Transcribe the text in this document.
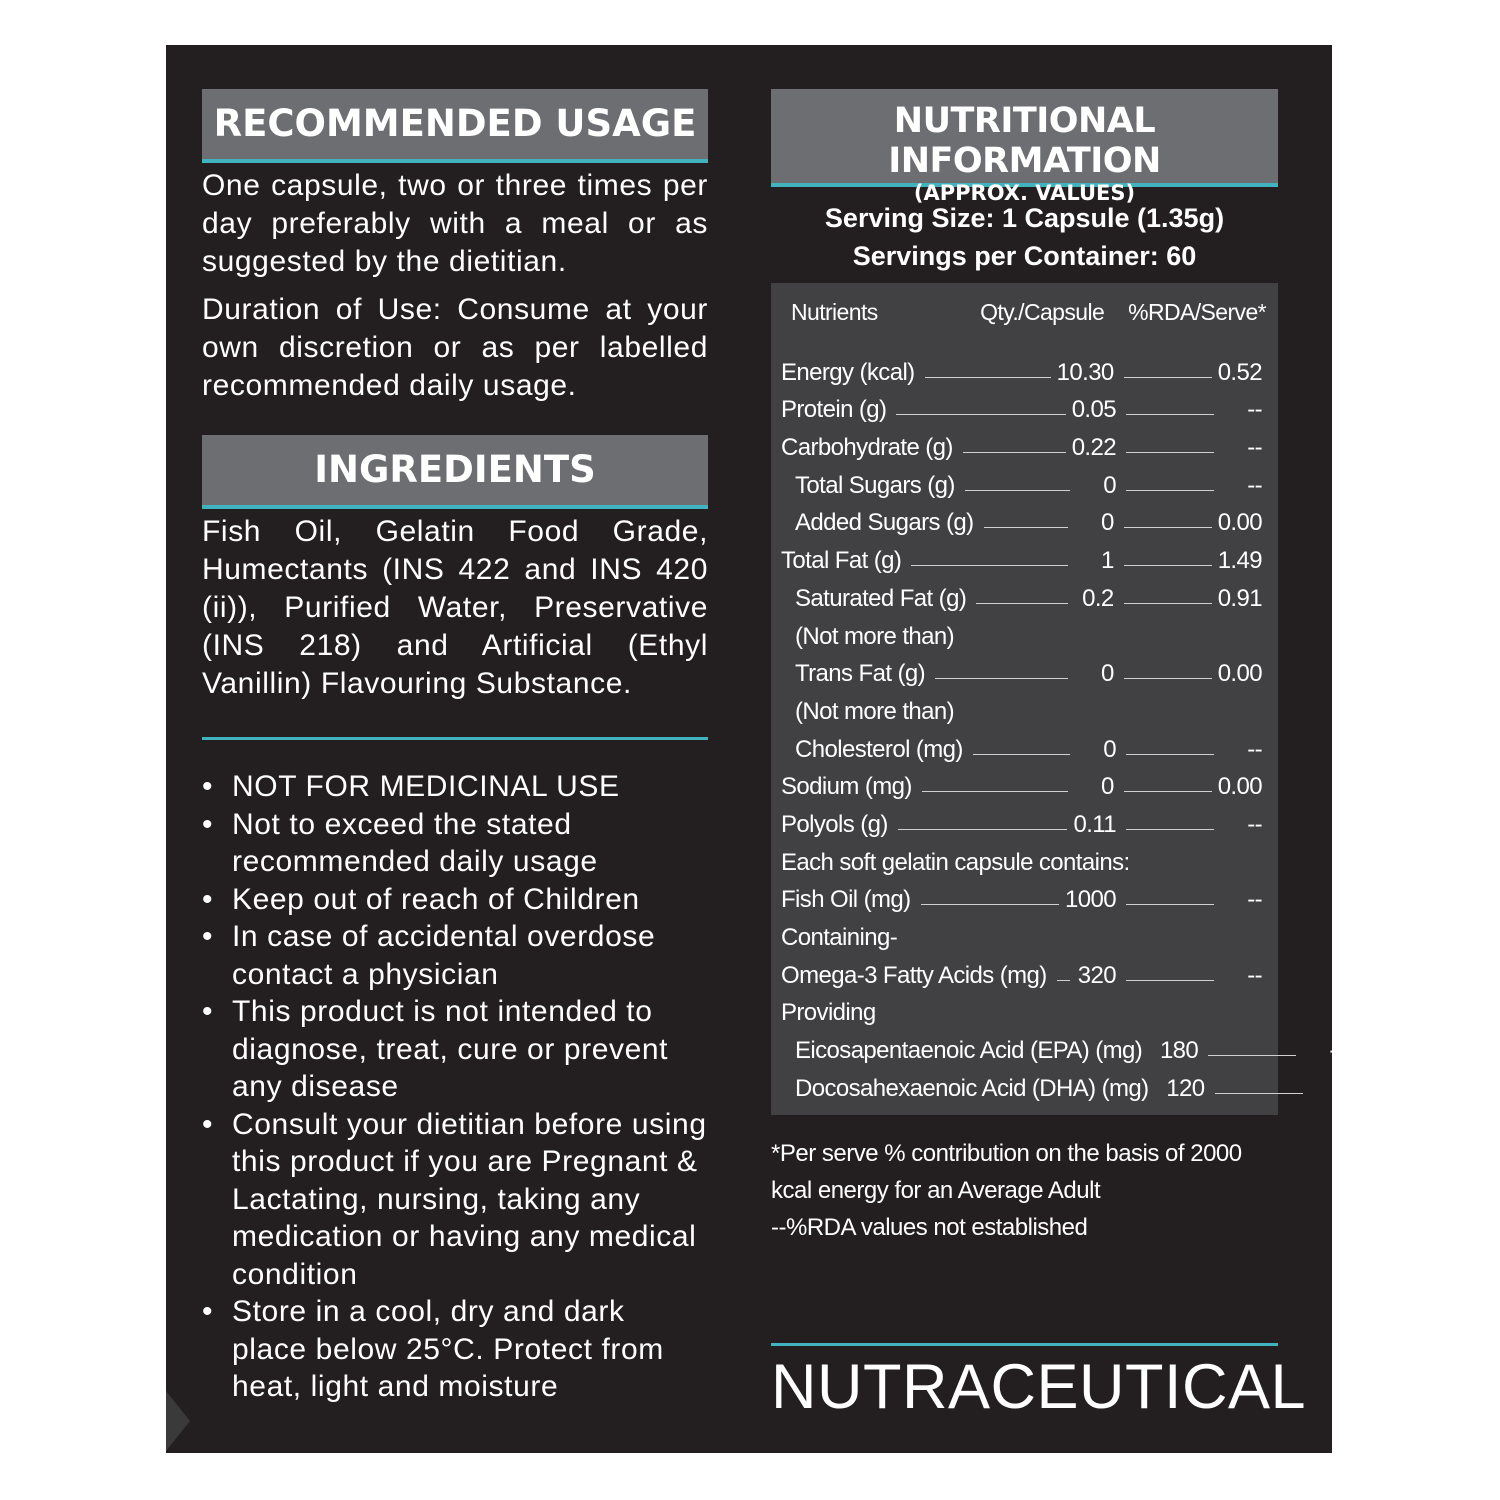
RECOMMENDED USAGE

One capsule, two or three times per day preferably with a meal or as suggested by the dietitian.

Duration of Use: Consume at your own discretion or as per labelled recommended daily usage.

INGREDIENTS

Fish Oil, Gelatin Food Grade, Humectants (INS 422 and INS 420 (ii)), Purified Water, Preservative (INS 218) and Artificial (Ethyl Vanillin) Flavouring Substance.

• NOT FOR MEDICINAL USE
• Not to exceed the stated recommended daily usage
• Keep out of reach of Children
• In case of accidental overdose contact a physician
• This product is not intended to diagnose, treat, cure or prevent any disease
• Consult your dietitian before using this product if you are Pregnant & Lactating, nursing, taking any medication or having any medical condition
• Store in a cool, dry and dark place below 25°C. Protect from heat, light and moisture
NUTRITIONAL INFORMATION
(APPROX. VALUES)
Serving Size: 1 Capsule (1.35g)
Servings per Container: 60
Nutrients	Qty./Capsule	%RDA/Serve*
Energy (kcal)	10.30	0.52
Protein (g)	0.05	--
Carbohydrate (g)	0.22	--
Total Sugars (g)	0	--
Added Sugars (g)	0	0.00
Total Fat (g)	1	1.49
Saturated Fat (g)	0.2	0.91
(Not more than)
Trans Fat (g)	0	0.00
(Not more than)
Cholesterol (mg)	0	--
Sodium (mg)	0	0.00
Polyols (g)	0.11	--
Each soft gelatin capsule contains:
Fish Oil (mg)	1000	--
Containing-
Omega-3 Fatty Acids (mg) 320	--
Providing
Eicosapentaenoic Acid (EPA) (mg) 180	--
Docosahexaenoic Acid (DHA) (mg) 120	--
*Per serve % contribution on the basis of 2000 kcal energy for an Average Adult
--%RDA values not established
NUTRACEUTICAL
